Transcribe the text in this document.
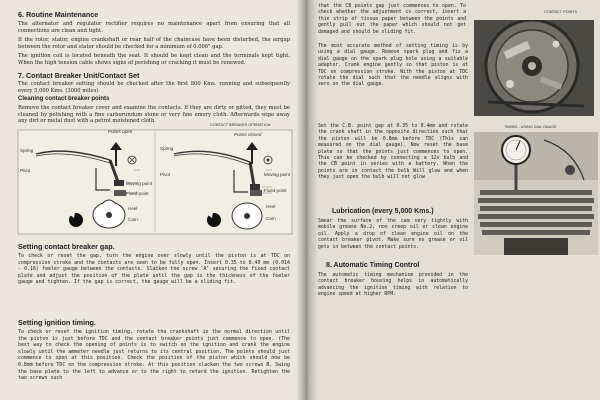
6. Routine Maintenance
The alternator and regulator rectifier requires no maintenance apart from ensuring that all connections are clean and tight.
If the rotor, stator, engine crankshaft or rear half of the chaincase have been disturbed, the airgap between the rotor and stator should be checked for a minimum of 0.006" gap.
The ignition coil is located beneath the seat. It should be kept clean and the terminals kept tight. When the high tension cable shows signs of perishing or cracking it must be renewed.
7. Contact Breaker Unit/Contact Set
The contact breaker setting should be checked after the first 800 Kms. running and subsequently every 5,000 Kms. (3000 miles)
Cleaning contact breaker points
Remove the contact breaker cover and examine the contacts. If they are dirty or pitted, they must be cleaned by polishing with a fine carborundum stone or very fine emery cloth. Afterwards wipe away any dirt or metal dust with a petrol moistened cloth.
CONTACT BREAKER OPERATION
Points open
Points closed
Spring
Pivot
Moving point
Fixed point
Heel
Cam
Spring
Pivot	Moving point
Fixed point
Heel
Cam
Setting contact breaker gap.
To check or reset the gap, turn the engine over slowly until the piston is at TDC on compression stroke and the contacts are seen to be fully open. Insert 0.35 to 0.40 mm (0.014 - 0.16) feeler gauge between the contacts. Slacken the screw 'A' securing the fixed contact plate and adjust the position of the plate until the gap is the thickness of the feeler gauge and tighten. If the gap is correct, the gauge will be a sliding fit.
Setting ignition timing.
To check or reset the ignition timing, rotate the crankshaft in the normal direction until the piston is just before TDC and the contact breaker points just commence to open. (The best way to check the opening of points is to switch on the ignition and crank the engine slowly until the ammeter needle just returns to its central position. The points should just commence to open at this position. Check the position of the piston which should now be 0.8mm before TDC on the compression stroke. At this position slacken the two screws B. Swing the base plate to the left to advance or to the right to retard the ignition. Retighten the two screws such
that the CB points gap just commences to open. To check whether the adjustment is correct, insert a thin strip of tissue paper between the points and gently pull out the paper which should not get damaged and should be sliding fit.
CONTACT POINTS
The most accurate method of setting timing is by using a dial gauge. Remove spark plug and fix a dial gauge on the spark plug hole using a suitable adaptor. Crank engine gently so that piston is at TDC on compression stroke. With the piston at TDC rotate the dial such that the needle aligns with zero on the dial gauge.
Set the C.B. point gap at 0.35 to 0.4mm and rotate the crank shaft in the opposite direction such that the piston will be 0.8mm before TDC (This can measured on the dial gauge). Now reset the base plate so that the points just commences to open. This can be checked by connecting a 12v bulb and the CB point in series with a battery. When the points are in contact the bulb Will glow and when they just open the bulb will not glow
TIMING - USING DIAL GAUGE
Lubrication (every 5,000 Kms.)
Smear the surface of the cam very tightly with mobile grease No.2, non creep oil or clean engine oil. Apply a drop of clean engine oil on the contact breaker pivot. Make sure no grease or oil gets in between the contact points.
8. Automatic Timing Control
The automatic timing mechanism provided in the contact breaker housing helps in automatically advancing the ignition timing with relation to engine speed at higher RPM.
